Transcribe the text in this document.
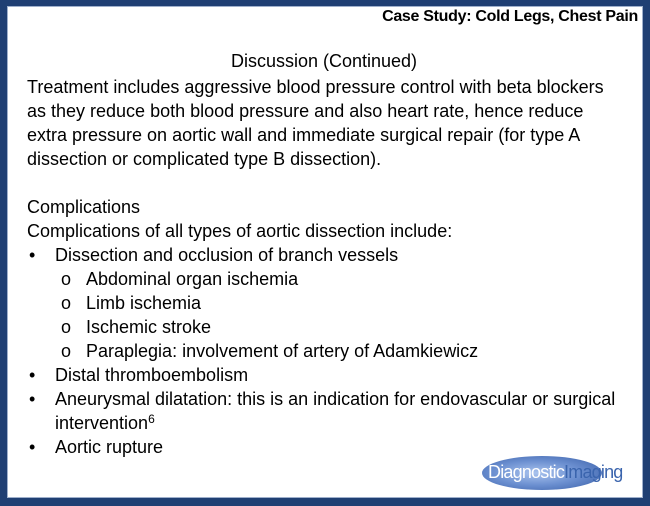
Case Study: Cold Legs, Chest Pain
Discussion (Continued)

Treatment includes aggressive blood pressure control with beta blockers as they reduce both blood pressure and also heart rate, hence reduce extra pressure on aortic wall and immediate surgical repair (for type A dissection or complicated type B dissection).

Complications

Complications of all types of aortic dissection include:

• Dissection and occlusion of branch vessels
o Abdominal organ ischemia
o Limb ischemia
o Ischemic stroke
o Paraplegia: involvement of artery of Adamkiewicz
• Distal thromboembolism
• Aneurysmal dilatation: this is an indication for endovascular or surgical intervention$^6$
• Aortic rupture
DiagnosticImaging
